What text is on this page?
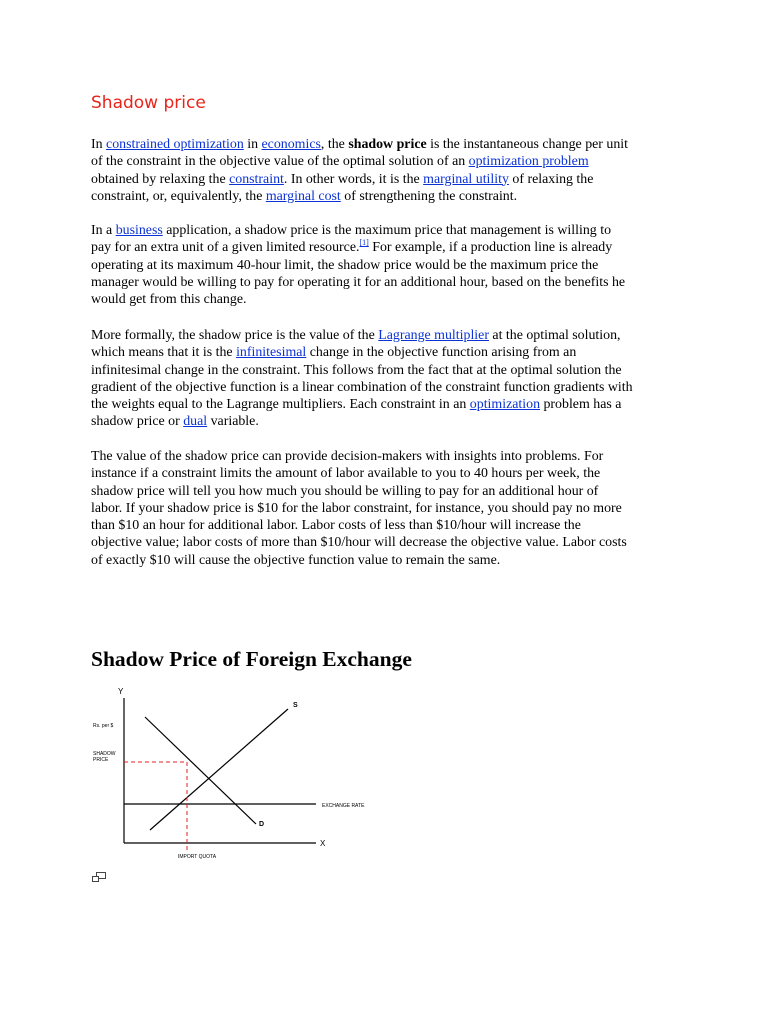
Shadow price

In constrained optimization in economics, the shadow price is the instantaneous change per unit
of the constraint in the objective value of the optimal solution of an optimization problem
obtained by relaxing the constraint. In other words, it is the marginal utility of relaxing the
constraint, or, equivalently, the marginal cost of strengthening the constraint.

In a business application, a shadow price is the maximum price that management is willing to
pay for an extra unit of a given limited resource.[1] For example, if a production line is already
operating at its maximum 40-hour limit, the shadow price would be the maximum price the
manager would be willing to pay for operating it for an additional hour, based on the benefits he
would get from this change.

More formally, the shadow price is the value of the Lagrange multiplier at the optimal solution,
which means that it is the infinitesimal change in the objective function arising from an
infinitesimal change in the constraint. This follows from the fact that at the optimal solution the
gradient of the objective function is a linear combination of the constraint function gradients with
the weights equal to the Lagrange multipliers. Each constraint in an optimization problem has a
shadow price or dual variable.

The value of the shadow price can provide decision-makers with insights into problems. For
instance if a constraint limits the amount of labor available to you to 40 hours per week, the
shadow price will tell you how much you should be willing to pay for an additional hour of
labor. If your shadow price is $10 for the labor constraint, for instance, you should pay no more
than $10 an hour for additional labor. Labor costs of less than $10/hour will increase the
objective value; labor costs of more than $10/hour will decrease the objective value. Labor costs
of exactly $10 will cause the objective function value to remain the same.

Shadow Price of Foreign Exchange
Y
X
Rs. per $
SHADOW
PRICE
S
D
EXCHANGE RATE
IMPORT QUOTA
